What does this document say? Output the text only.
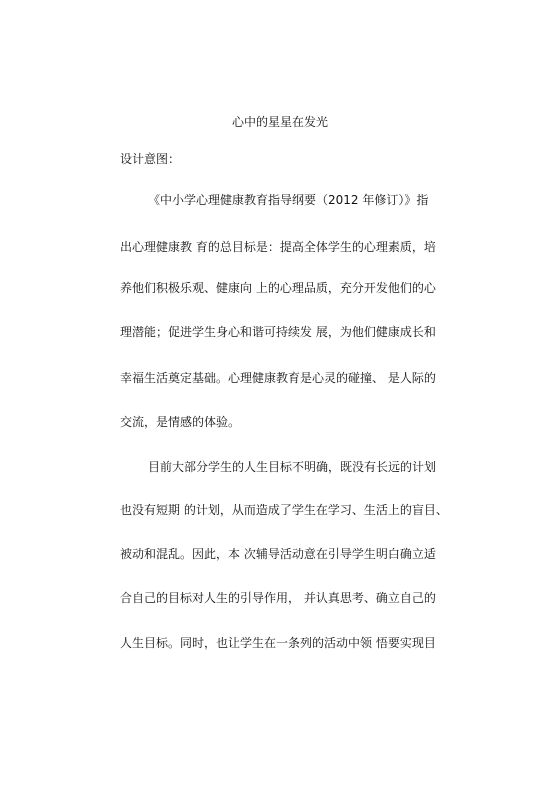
心中的星星在发光
设计意图：
《中小学心理健康教育指导纲要（2012 年修订）》指
出心理健康教 育的总目标是：提高全体学生的心理素质，培
养他们积极乐观、健康向 上的心理品质，充分开发他们的心
理潜能；促进学生身心和谐可持续发 展，为他们健康成长和
幸福生活奠定基础。心理健康教育是心灵的碰撞、 是人际的
交流，是情感的体验。
目前大部分学生的人生目标不明确，既没有长远的计划
也没有短期 的计划，从而造成了学生在学习、生活上的盲目、
被动和混乱。因此，本 次辅导活动意在引导学生明白确立适
合自己的目标对人生的引导作用， 并认真思考、确立自己的
人生目标。同时，也让学生在一条列的活动中领 悟要实现目
